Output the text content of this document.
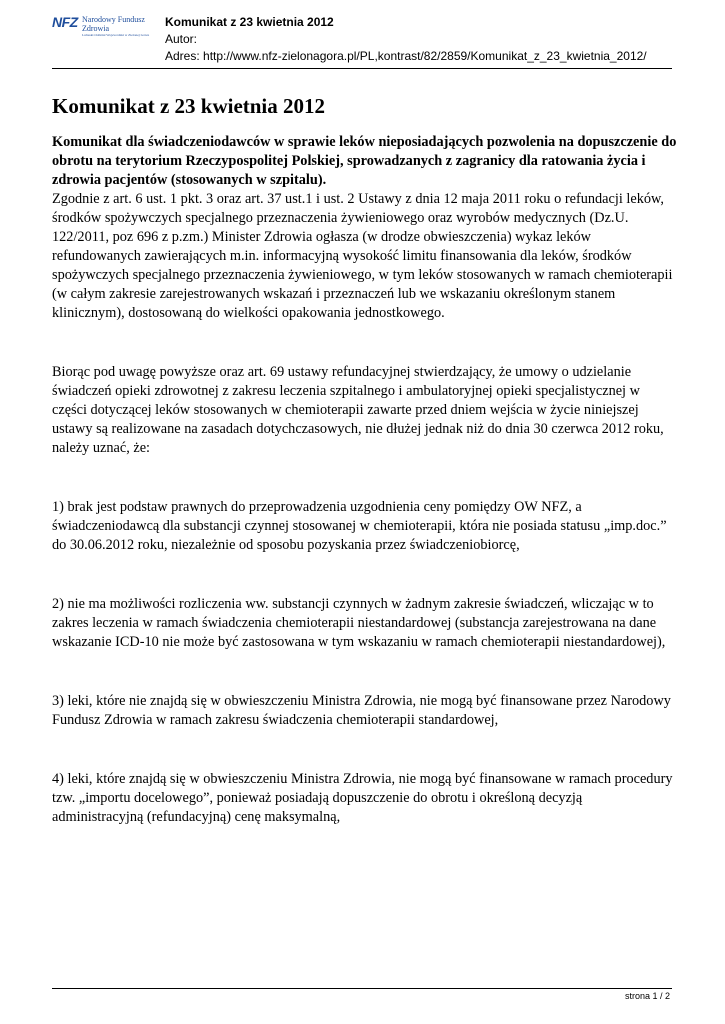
NFZ Narodowy Fundusz Zdrowia
Lubuski Oddział Wojewódzki w Zielonej Górze
Komunikat z 23 kwietnia 2012
Autor:
Adres: http://www.nfz-zielonagora.pl/PL,kontrast/82/2859/Komunikat_z_23_kwietnia_2012/
Komunikat z 23 kwietnia 2012

Komunikat dla świadczeniodawców w sprawie leków nieposiadających pozwolenia na dopuszczenie do obrotu na terytorium Rzeczypospolitej Polskiej, sprowadzanych z zagranicy dla ratowania życia i zdrowia pacjentów (stosowanych w szpitalu).

Zgodnie z art. 6 ust. 1 pkt. 3 oraz art. 37 ust.1 i ust. 2 Ustawy z dnia 12 maja 2011 roku o refundacji leków, środków spożywczych specjalnego przeznaczenia żywieniowego oraz wyrobów medycznych (Dz.U. 122/2011, poz 696 z p.zm.) Minister Zdrowia ogłasza (w drodze obwieszczenia) wykaz leków refundowanych zawierających m.in. informacyjną wysokość limitu finansowania dla leków, środków spożywczych specjalnego przeznaczenia żywieniowego, w tym leków stosowanych w ramach chemioterapii (w całym zakresie zarejestrowanych wskazań i przeznaczeń lub we wskazaniu określonym stanem klinicznym), dostosowaną do wielkości opakowania jednostkowego.

Biorąc pod uwagę powyższe oraz art. 69 ustawy refundacyjnej stwierdzający, że umowy o udzielanie świadczeń opieki zdrowotnej z zakresu leczenia szpitalnego i ambulatoryjnej opieki specjalistycznej w części dotyczącej leków stosowanych w chemioterapii zawarte przed dniem wejścia w życie niniejszej ustawy są realizowane na zasadach dotychczasowych, nie dłużej jednak niż do dnia 30 czerwca 2012 roku, należy uznać, że:

1) brak jest podstaw prawnych do przeprowadzenia uzgodnienia ceny pomiędzy OW NFZ, a świadczeniodawcą dla substancji czynnej stosowanej w chemioterapii, która nie posiada statusu „imp.doc.” do 30.06.2012 roku, niezależnie od sposobu pozyskania przez świadczeniobiorcę,

2) nie ma możliwości rozliczenia ww. substancji czynnych w żadnym zakresie świadczeń, wliczając w to zakres leczenia w ramach świadczenia chemioterapii niestandardowej (substancja zarejestrowana na dane wskazanie ICD-10 nie może być zastosowana w tym wskazaniu w ramach chemioterapii niestandardowej),

3) leki, które nie znajdą się w obwieszczeniu Ministra Zdrowia, nie mogą być finansowane przez Narodowy Fundusz Zdrowia w ramach zakresu świadczenia chemioterapii standardowej,

4) leki, które znajdą się w obwieszczeniu Ministra Zdrowia, nie mogą być finansowane w ramach procedury tzw. „importu docelowego”, ponieważ posiadają dopuszczenie do obrotu i określoną decyzją administracyjną (refundacyjną) cenę maksymalną,

strona 1 / 2
